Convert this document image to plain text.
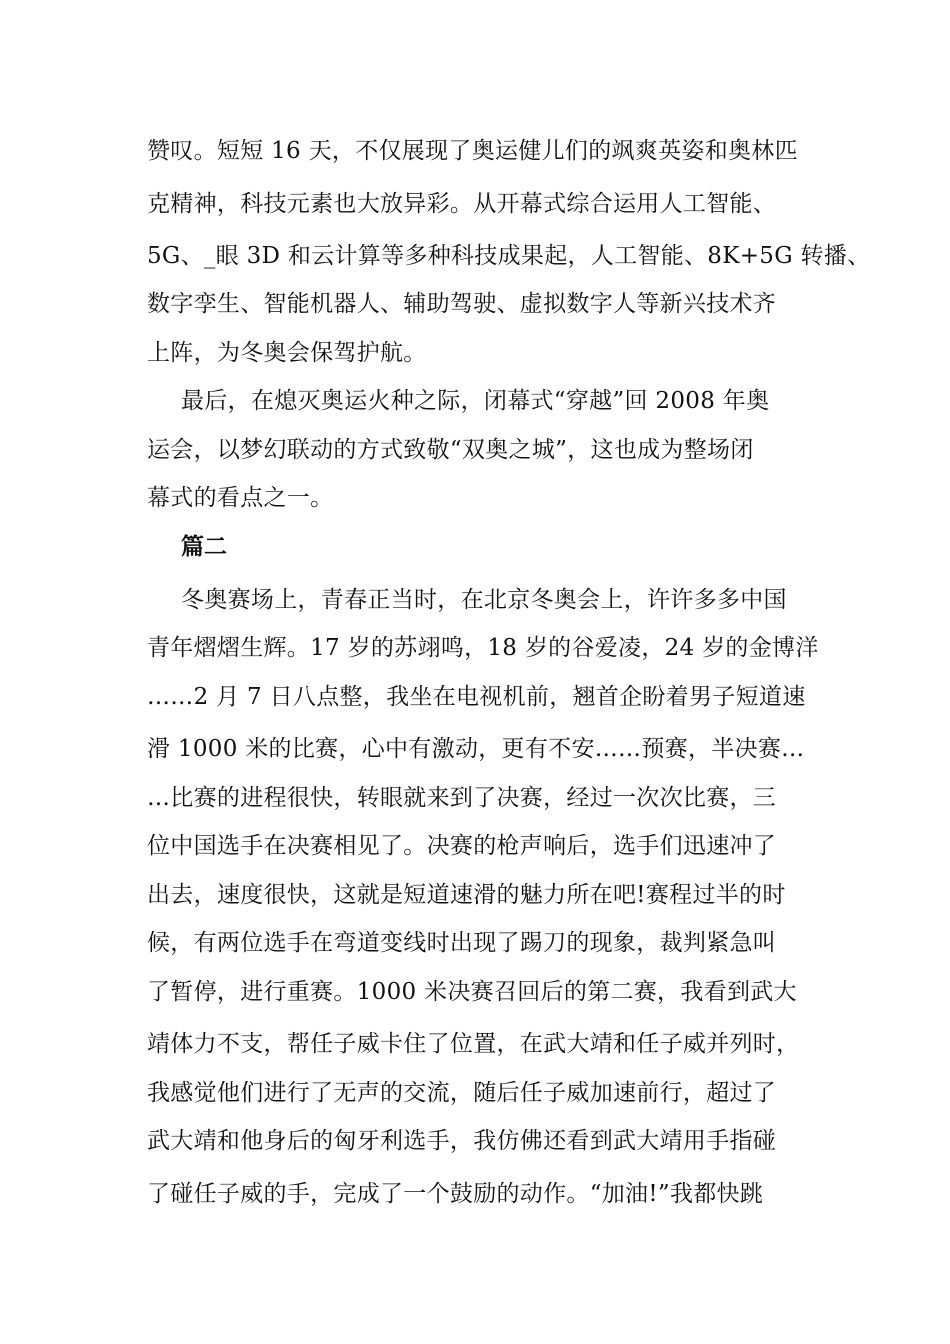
赞叹。短短 16 天，不仅展现了奥运健儿们的飒爽英姿和奥林匹
克精神，科技元素也大放异彩。从开幕式综合运用人工智能、
5G、_眼 3D 和云计算等多种科技成果起，人工智能、8K+5G 转播、
数字孪生、智能机器人、辅助驾驶、虚拟数字人等新兴技术齐
上阵，为冬奥会保驾护航。
最后，在熄灭奥运火种之际，闭幕式“穿越”回 2008 年奥
运会，以梦幻联动的方式致敬“双奥之城”，这也成为整场闭
幕式的看点之一。
篇二
冬奥赛场上，青春正当时，在北京冬奥会上，许许多多中国
青年熠熠生辉。17 岁的苏翊鸣，18 岁的谷爱凌，24 岁的金博洋
……2 月 7 日八点整，我坐在电视机前，翘首企盼着男子短道速
滑 1000 米的比赛，心中有激动，更有不安……预赛，半决赛…
…比赛的进程很快，转眼就来到了决赛，经过一次次比赛，三
位中国选手在决赛相见了。决赛的枪声响后，选手们迅速冲了
出去，速度很快，这就是短道速滑的魅力所在吧!赛程过半的时
候，有两位选手在弯道变线时出现了踢刀的现象，裁判紧急叫
了暂停，进行重赛。1000 米决赛召回后的第二赛，我看到武大
靖体力不支，帮任子威卡住了位置，在武大靖和任子威并列时，
我感觉他们进行了无声的交流，随后任子威加速前行，超过了
武大靖和他身后的匈牙利选手，我仿佛还看到武大靖用手指碰
了碰任子威的手，完成了一个鼓励的动作。“加油!”我都快跳
